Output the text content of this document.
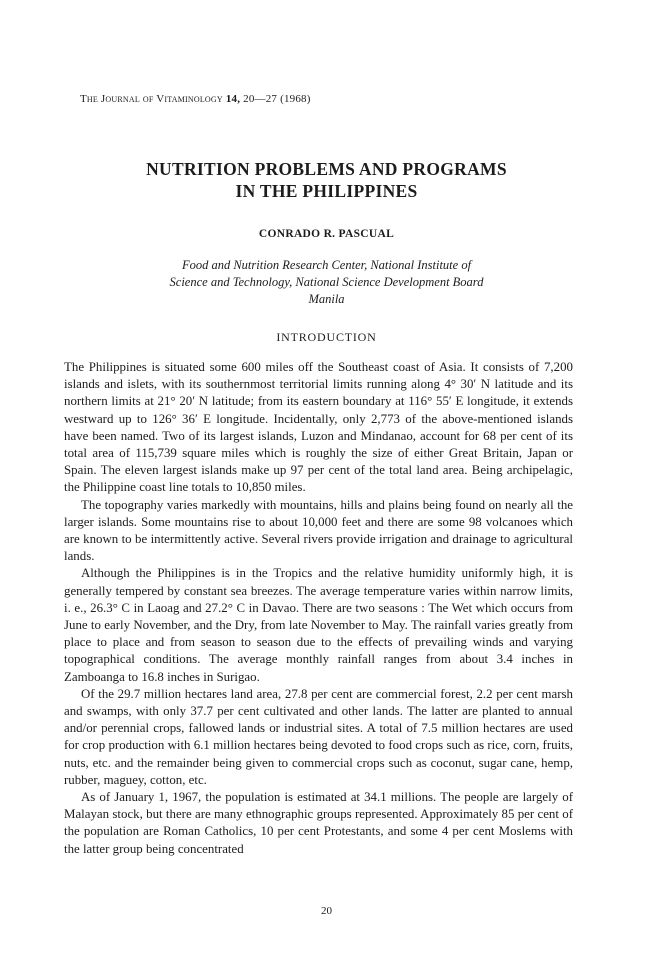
The Journal of Vitaminology 14, 20—27 (1968)
NUTRITION PROBLEMS AND PROGRAMS
IN THE PHILIPPINES
CONRADO R. PASCUAL
Food and Nutrition Research Center, National Institute of
Science and Technology, National Science Development Board
Manila
INTRODUCTION

The Philippines is situated some 600 miles off the Southeast coast of Asia. It consists of 7,200 islands and islets, with its southernmost territorial limits running along 4° 30′ N latitude and its northern limits at 21° 20′ N latitude; from its eastern boundary at 116° 55′ E longitude, it extends westward up to 126° 36′ E longitude. Incidentally, only 2,773 of the above-mentioned islands have been named. Two of its largest islands, Luzon and Mindanao, account for 68 per cent of its total area of 115,739 square miles which is roughly the size of either Great Britain, Japan or Spain. The eleven largest islands make up 97 per cent of the total land area. Being archipelagic, the Philippine coast line totals to 10,850 miles.

The topography varies markedly with mountains, hills and plains being found on nearly all the larger islands. Some mountains rise to about 10,000 feet and there are some 98 volcanoes which are known to be intermittently active. Several rivers provide irrigation and drainage to agricultural lands.

Although the Philippines is in the Tropics and the relative humidity uniformly high, it is generally tempered by constant sea breezes. The average temperature varies within narrow limits, i. e., 26.3° C in Laoag and 27.2° C in Davao. There are two seasons : The Wet which occurs from June to early November, and the Dry, from late November to May. The rainfall varies greatly from place to place and from season to season due to the effects of prevailing winds and varying topographical conditions. The average monthly rainfall ranges from about 3.4 inches in Zamboanga to 16.8 inches in Surigao.

Of the 29.7 million hectares land area, 27.8 per cent are commercial forest, 2.2 per cent marsh and swamps, with only 37.7 per cent cultivated and other lands. The latter are planted to annual and/or perennial crops, fallowed lands or industrial sites. A total of 7.5 million hectares are used for crop production with 6.1 million hectares being devoted to food crops such as rice, corn, fruits, nuts, etc. and the remainder being given to commercial crops such as coconut, sugar cane, hemp, rubber, maguey, cotton, etc.

As of January 1, 1967, the population is estimated at 34.1 millions. The people are largely of Malayan stock, but there are many ethnographic groups represented. Approximately 85 per cent of the population are Roman Catholics, 10 per cent Protestants, and some 4 per cent Moslems with the latter group being concentrated

20
